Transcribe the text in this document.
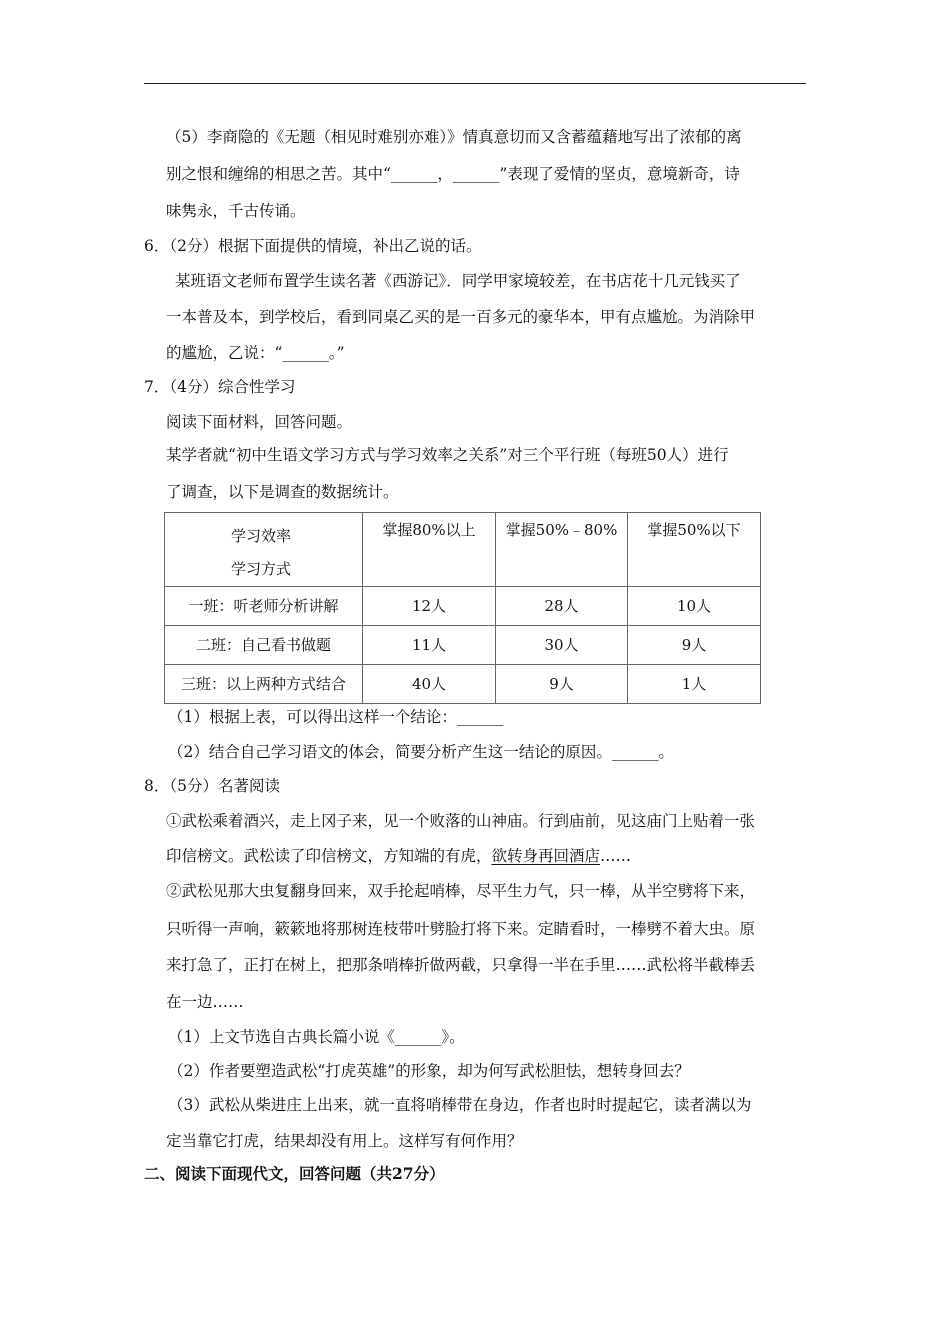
（5）李商隐的《无题（相见时难别亦难）》情真意切而又含蓄蕴藉地写出了浓郁的离
别之恨和缠绵的相思之苦。其中“______，______”表现了爱情的坚贞，意境新奇，诗
味隽永，千古传诵。
6．（2分）根据下面提供的情境，补出乙说的话。
某班语文老师布置学生读名著《西游记》．同学甲家境较差，在书店花十几元钱买了
一本普及本，到学校后，看到同桌乙买的是一百多元的豪华本，甲有点尴尬。为消除甲
的尴尬，乙说：“______。”
7．（4分）综合性学习
阅读下面材料，回答问题。
某学者就“初中生语文学习方式与学习效率之关系”对三个平行班（每班50人）进行
了调查，以下是调查的数据统计。
学习效率
学习方式	掌握80%以上	掌握50%﹣80%	掌握50%以下
一班：听老师分析讲解	12人	28人	10人
二班：自己看书做题	11人	30人	9人
三班：以上两种方式结合	40人	9人	1人
（1）根据上表，可以得出这样一个结论：______
（2）结合自己学习语文的体会，简要分析产生这一结论的原因。______。
8．（5分）名著阅读
①武松乘着酒兴，走上冈子来，见一个败落的山神庙。行到庙前，见这庙门上贴着一张
印信榜文。武松读了印信榜文，方知端的有虎，欲转身再回酒店……
②武松见那大虫复翻身回来，双手抡起哨棒，尽平生力气，只一棒，从半空劈将下来，
只听得一声响，簌簌地将那树连枝带叶劈脸打将下来。定睛看时，一棒劈不着大虫。原
来打急了，正打在树上，把那条哨棒折做两截，只拿得一半在手里……武松将半截棒丢
在一边……
（1）上文节选自古典长篇小说《______》。
（2）作者要塑造武松“打虎英雄”的形象，却为何写武松胆怯，想转身回去？
（3）武松从柴进庄上出来，就一直将哨棒带在身边，作者也时时提起它，读者满以为
定当靠它打虎，结果却没有用上。这样写有何作用？
二、阅读下面现代文，回答问题（共27分）
